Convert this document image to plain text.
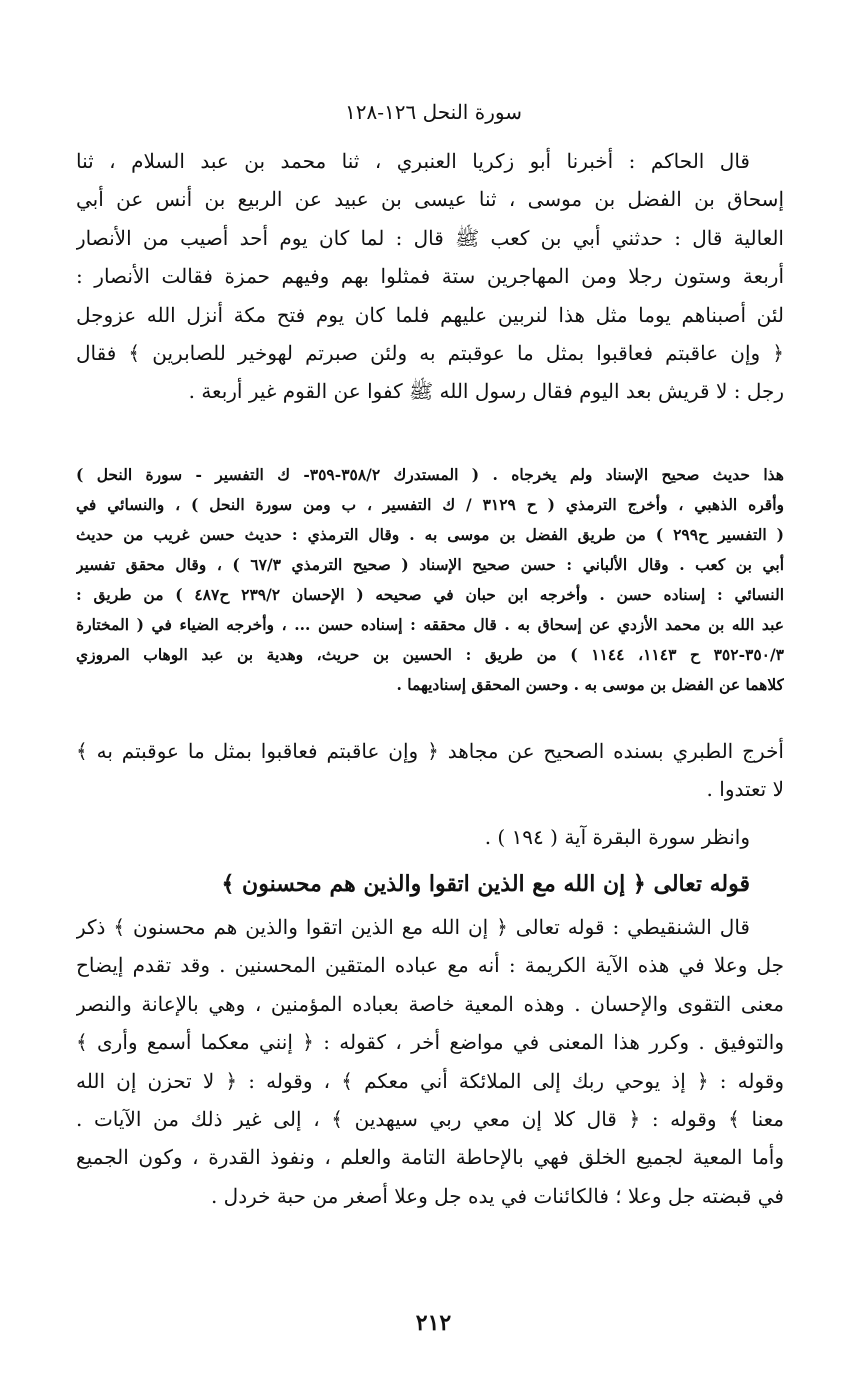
سورة النحل ١٢٦-١٢٨
قال الحاكم : أخبرنا أبو زكريا العنبري ، ثنا محمد بن عبد السلام ، ثنا
إسحاق بن الفضل بن موسى ، ثنا عيسى بن عبيد عن الربيع بن أنس عن أبي
العالية قال : حدثني أبي بن كعب ﷺ قال : لما كان يوم أحد أصيب من الأنصار
أربعة وستون رجلا ومن المهاجرين ستة فمثلوا بهم وفيهم حمزة فقالت الأنصار :
لئن أصبناهم يوما مثل هذا لنربين عليهم فلما كان يوم فتح مكة أنزل الله عزوجل
﴿ وإن عاقبتم فعاقبوا بمثل ما عوقبتم به ولئن صبرتم لهوخير للصابرين ﴾ فقال
رجل : لا قريش بعد اليوم فقال رسول الله ﷺ كفوا عن القوم غير أربعة .
هذا حديث صحيح الإسناد ولم يخرجاه . ( المستدرك ٣٥٨/٢-٣٥٩- ك التفسير - سورة النحل )
وأقره الذهبي ، وأخرج الترمذي ( ح ٣١٢٩ / ك التفسير ، ب ومن سورة النحل ) ، والنسائي في
( التفسير ح٢٩٩ ) من طريق الفضل بن موسى به . وقال الترمذي : حديث حسن غريب من حديث
أبي بن كعب . وقال الألباني : حسن صحيح الإسناد ( صحيح الترمذي ٦٧/٣ ) ، وقال محقق تفسير
النسائي : إسناده حسن . وأخرجه ابن حبان في صحيحه ( الإحسان ٢٣٩/٢ ح٤٨٧ ) من طريق :
عبد الله بن محمد الأزدي عن إسحاق به . قال محققه : إسناده حسن ... ، وأخرجه الضياء في ( المختارة
٣٥٠/٣-٣٥٢ ح ١١٤٣، ١١٤٤ ) من طريق : الحسين بن حريث، وهدية بن عبد الوهاب المروزي
كلاهما عن الفضل بن موسى به . وحسن المحقق إسناديهما .
أخرج الطبري بسنده الصحيح عن مجاهد ﴿ وإن عاقبتم فعاقبوا بمثل ما عوقبتم به ﴾
لا تعتدوا .
وانظر سورة البقرة آية ( ١٩٤ ) .
قوله تعالى ﴿ إن الله مع الذين اتقوا والذين هم محسنون ﴾
قال الشنقيطي : قوله تعالى ﴿ إن الله مع الذين اتقوا والذين هم محسنون ﴾ ذكر
جل وعلا في هذه الآية الكريمة : أنه مع عباده المتقين المحسنين . وقد تقدم إيضاح
معنى التقوى والإحسان . وهذه المعية خاصة بعباده المؤمنين ، وهي بالإعانة والنصر
والتوفيق . وكرر هذا المعنى في مواضع أخر ، كقوله : ﴿ إنني معكما أسمع وأرى ﴾
وقوله : ﴿ إذ يوحي ربك إلى الملائكة أني معكم ﴾ ، وقوله : ﴿ لا تحزن إن الله
معنا ﴾ وقوله : ﴿ قال كلا إن معي ربي سيهدين ﴾ ، إلى غير ذلك من الآيات .
وأما المعية لجميع الخلق فهي بالإحاطة التامة والعلم ، ونفوذ القدرة ، وكون الجميع
في قبضته جل وعلا ؛ فالكائنات في يده جل وعلا أصغر من حبة خردل .
٢١٢
